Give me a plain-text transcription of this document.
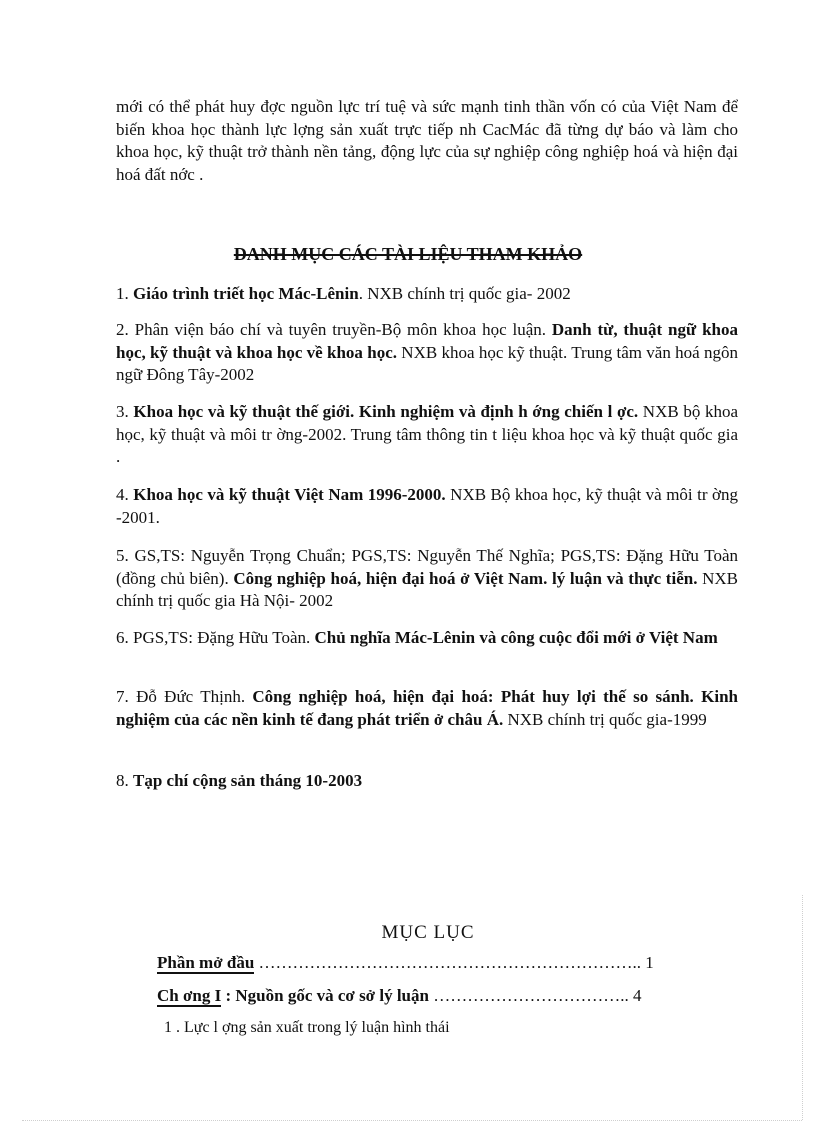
mới có thể phát huy đợc nguồn lực trí tuệ và sức mạnh tinh thần vốn có của Việt Nam để biến khoa học thành lực lợng sản xuất trực tiếp nh CacMác đã từng dự báo và làm cho khoa học, kỹ thuật trở thành nền tảng, động lực của sự nghiệp công nghiệp hoá và hiện đại hoá đất nớc .
DANH MỤC CÁC TÀI LIỆU THAM KHẢO
1. Giáo trình triết học Mác-Lênin. NXB chính trị quốc gia- 2002
2. Phân viện báo chí và tuyên truyền-Bộ môn khoa học luận. Danh từ, thuật ngữ khoa học, kỹ thuật và khoa học về khoa học. NXB khoa học kỹ thuật. Trung tâm văn hoá ngôn ngữ Đông Tây-2002
3. Khoa học và kỹ thuật thế giới. Kinh nghiệm và định h ớng chiến l ợc. NXB bộ khoa học, kỹ thuật và môi tr ờng-2002. Trung tâm thông tin t liệu khoa học và kỹ thuật quốc gia .
4. Khoa học và kỹ thuật Việt Nam 1996-2000. NXB Bộ khoa học, kỹ thuật và môi tr ờng -2001.
5. GS,TS: Nguyễn Trọng Chuẩn; PGS,TS: Nguyễn Thế Nghĩa; PGS,TS: Đặng Hữu Toàn (đồng chủ biên). Công nghiệp hoá, hiện đại hoá ở Việt Nam. lý luận và thực tiễn. NXB chính trị quốc gia Hà Nội- 2002
6. PGS,TS: Đặng Hữu Toàn. Chủ nghĩa Mác-Lênin và công cuộc đổi mới ở Việt Nam
7. Đỗ Đức Thịnh. Công nghiệp hoá, hiện đại hoá: Phát huy lợi thế so sánh. Kinh nghiệm của các nền kinh tế đang phát triển ở châu Á. NXB chính trị quốc gia-1999
8. Tạp chí cộng sản tháng 10-2003
MỤC LỤC
Phần mở đầu ………………………………………………………….. 1
Ch ơng I : Nguồn gốc và cơ sở lý luận …………………………….. 4
1 . Lực l ợng sản xuất trong lý luận hình thái
